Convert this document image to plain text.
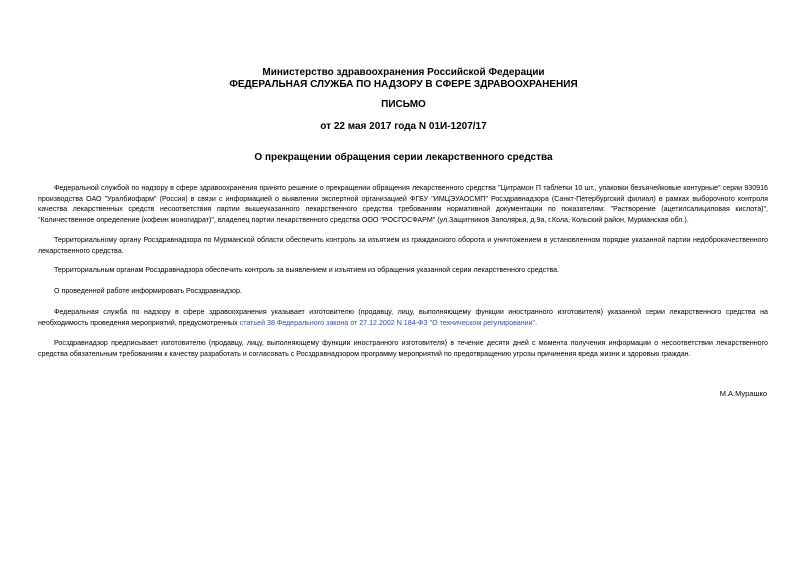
Министерство здравоохранения Российской Федерации
ФЕДЕРАЛЬНАЯ СЛУЖБА ПО НАДЗОРУ В СФЕРЕ ЗДРАВООХРАНЕНИЯ
ПИСЬМО
от 22 мая 2017 года N 01И-1207/17
О прекращении обращения серии лекарственного средства
Федеральной службой по надзору в сфере здравоохранения принято решение о прекращении обращения лекарственного средства "Цитрамон П таблетки 10 шт., упаковки безъячейковые контурные" серии 930916 производства ОАО "Уралбиофарм" (Россия) в связи с информацией о выявлении экспертной организацией ФГБУ "ИМЦЭУАОСМП" Росздравнадзора (Санкт-Петербургский филиал) в рамках выборочного контроля качества лекарственных средств несоответствия партии вышеуказанного лекарственного средства требованиям нормативной документации по показателям: "Растворение (ацетилсалициловая кислота)", "Количественное определение (кофеин моногидрат)", владелец партии лекарственного средства ООО "РОСГОСФАРМ" (ул.Защитников Заполярья, д.9а, г.Кола, Кольский район, Мурманская обл.).
Территориальному органу Росздравнадзора по Мурманской области обеспечить контроль за изъятием из гражданского оборота и уничтожением в установленном порядке указанной партии недоброкачественного лекарственного средства.
Территориальным органам Росздравнадзора обеспечить контроль за выявлением и изъятием из обращения указанной серии лекарственного средства.
О проведенной работе информировать Росздравнадзор.
Федеральная служба по надзору в сфере здравоохранения указывает изготовителю (продавцу, лицу, выполняющему функции иностранного изготовителя) указанной серии лекарственного средства на необходимость проведения мероприятий, предусмотренных статьей 38 Федерального закона от 27.12.2002 N 184-ФЗ "О техническом регулировании".
Росздравнадзор предписывает изготовителю (продавцу, лицу, выполняющему функции иностранного изготовителя) в течение десяти дней с момента получения информации о несоответствии лекарственного средства обязательным требованиям к качеству разработать и согласовать с Росздравнадзором программу мероприятий по предотвращению угрозы причинения вреда жизни и здоровью граждан.
М.А.Мурашко
